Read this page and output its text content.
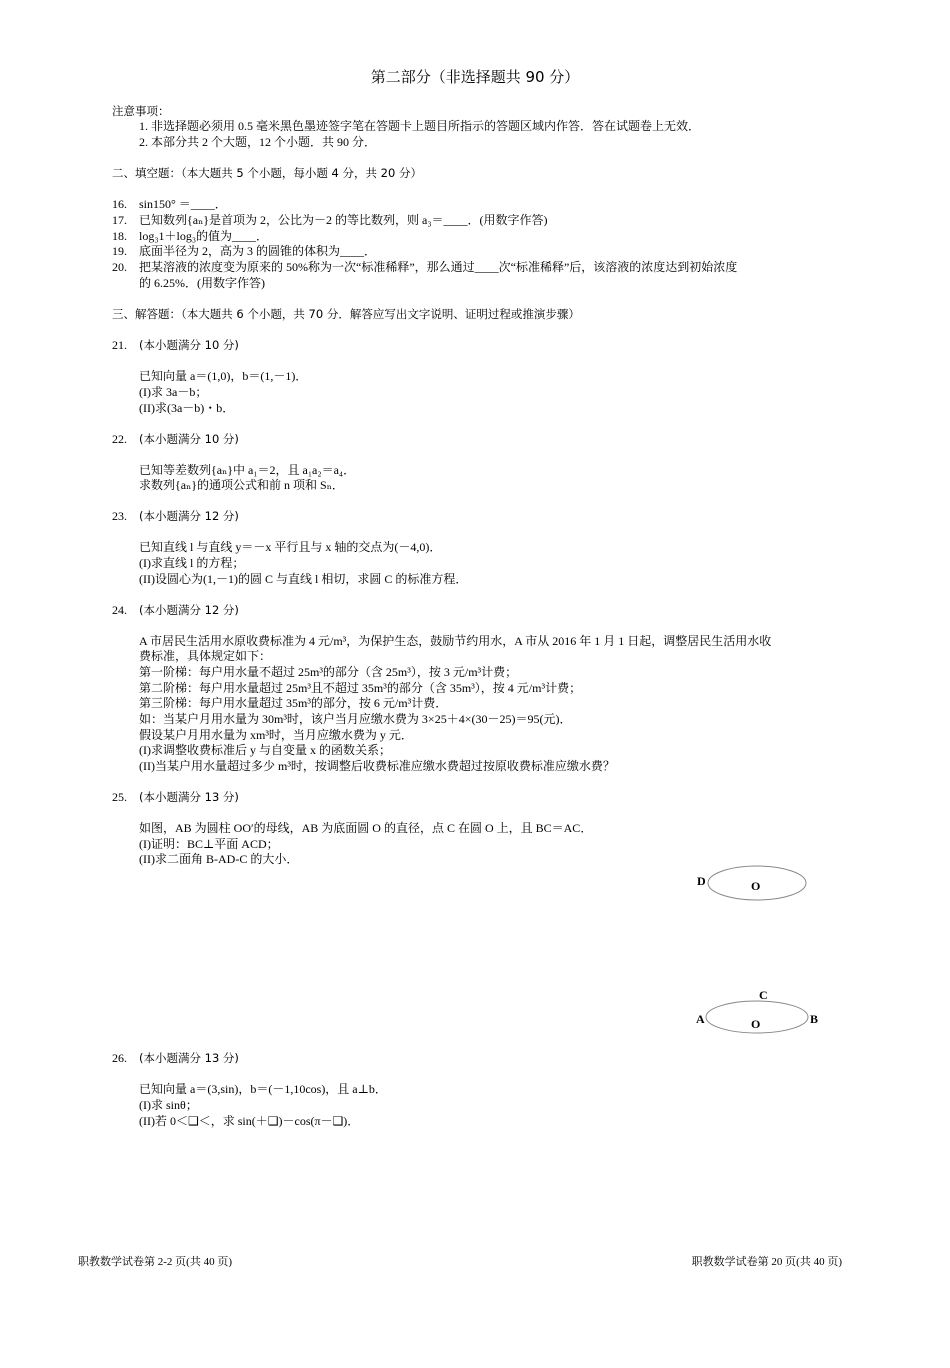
第二部分（非选择题共 90 分）
注意事项：
1. 非选择题必须用 0.5 毫米黑色墨迹签字笔在答题卡上题目所指示的答题区域内作答．答在试题卷上无效．
2. 本部分共 2 个大题，12 个小题．共 90 分．
二、填空题：（本大题共 5 个小题，每小题 4 分，共 20 分）
16. sin150° ＝____．
17. 已知数列{aₙ}是首项为 2，公比为－2 的等比数列，则 a₃＝____．(用数字作答)
18. log₃1＋log₃的值为____．
19. 底面半径为 2，高为 3 的圆锥的体积为____．
20. 把某溶液的浓度变为原来的 50%称为一次“标准稀释”，那么通过____次“标准稀释”后，该溶液的浓度达到初始浓度
的 6.25%．(用数字作答)
三、解答题：（本大题共 6 个小题，共 70 分．解答应写出文字说明、证明过程或推演步骤）
21. (本小题满分 10 分)
已知向量 a＝(1,0)，b＝(1,－1)．
(I)求 3a－b；
(II)求(3a－b)・b．
22. (本小题满分 10 分)
已知等差数列{aₙ}中 a₁＝2，且 a₁a₂＝a₄．
求数列{aₙ}的通项公式和前 n 项和 Sₙ．
23. (本小题满分 12 分)
已知直线 l 与直线 y＝－x 平行且与 x 轴的交点为(－4,0)．
(I)求直线 l 的方程；
(II)设圆心为(1,－1)的圆 C 与直线 l 相切，求圆 C 的标准方程．
24. (本小题满分 12 分)
A 市居民生活用水原收费标准为 4 元/m³，为保护生态，鼓励节约用水，A 市从 2016 年 1 月 1 日起，调整居民生活用水收
费标准，具体规定如下：
第一阶梯：每户用水量不超过 25m³的部分（含 25m³），按 3 元/m³计费；
第二阶梯：每户用水量超过 25m³且不超过 35m³的部分（含 35m³），按 4 元/m³计费；
第三阶梯：每户用水量超过 35m³的部分，按 6 元/m³计费．
如：当某户月用水量为 30m³时，该户当月应缴水费为 3×25＋4×(30－25)＝95(元)．
假设某户月用水量为 xm³时，当月应缴水费为 y 元．
(I)求调整收费标准后 y 与自变量 x 的函数关系；
(II)当某户用水量超过多少 m³时，按调整后收费标准应缴水费超过按原收费标准应缴水费？
25. (本小题满分 13 分)
如图，AB 为圆柱 OO′的母线，AB 为底面圆 O 的直径，点 C 在圆 O 上，且 BC＝AC．
(I)证明：BC⊥平面 ACD；
(II)求二面角 B-AD-C 的大小．
D	O
C
A	O	B
26. (本小题满分 13 分)
已知向量 a＝(3,sin)，b＝(－1,10cos)，且 a⊥b．
(I)求 sinθ；
(II)若 0＜❑＜，求 sin(＋❑)－cos(π－❑)．
职教数学试卷第 2-2 页(共 40 页)	职教数学试卷第 20 页(共 40 页)
